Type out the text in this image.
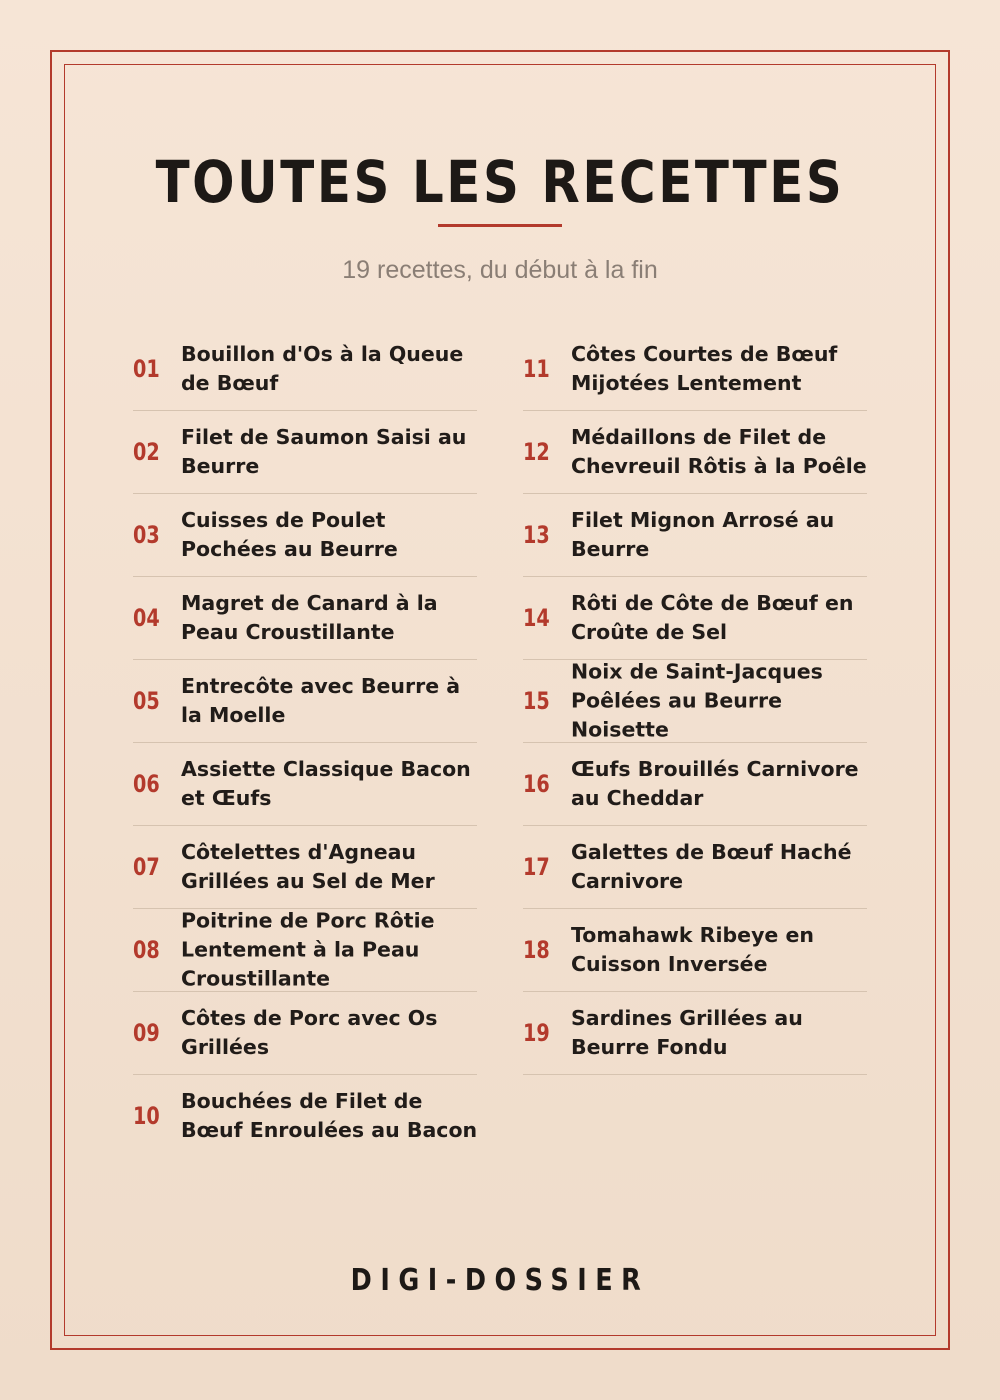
TOUTES LES RECETTES
19 recettes, du début à la fin
01
Bouillon d'Os à la Queue de Bœuf
02
Filet de Saumon Saisi au Beurre
03
Cuisses de Poulet Pochées au Beurre
04
Magret de Canard à la Peau Croustillante
05
Entrecôte avec Beurre à la Moelle
06
Assiette Classique Bacon et Œufs
07
Côtelettes d'Agneau Grillées au Sel de Mer
08
Poitrine de Porc Rôtie Lentement à la Peau Croustillante
09
Côtes de Porc avec Os Grillées
10
Bouchées de Filet de Bœuf Enroulées au Bacon
11
Côtes Courtes de Bœuf Mijotées Lentement
12
Médaillons de Filet de Chevreuil Rôtis à la Poêle
13
Filet Mignon Arrosé au Beurre
14
Rôti de Côte de Bœuf en Croûte de Sel
15
Noix de Saint-Jacques Poêlées au Beurre Noisette
16
Œufs Brouillés Carnivore au Cheddar
17
Galettes de Bœuf Haché Carnivore
18
Tomahawk Ribeye en Cuisson Inversée
19
Sardines Grillées au Beurre Fondu
DIGI-DOSSIER
